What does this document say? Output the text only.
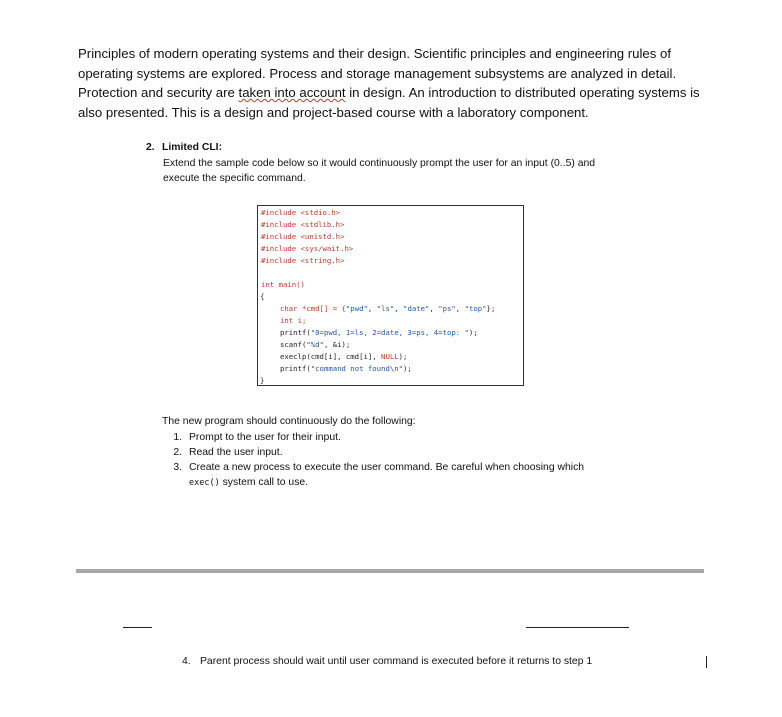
Principles of modern operating systems and their design. Scientific principles and engineering rules of operating systems are explored. Process and storage management subsystems are analyzed in detail. Protection and security are taken into account in design. An introduction to distributed operating systems is also presented. This is a design and project-based course with a laboratory component.

2. Limited CLI:
Extend the sample code below so it would continuously prompt the user for an input (0..5) and execute the specific command.
#include <stdio.h>
#include <stdlib.h>
#include <unistd.h>
#include <sys/wait.h>
#include <string.h>
int main()
{
char *cmd[] = {"pwd", "ls", "date", "ps", "top"};
int i;
printf("0=pwd, 1=ls, 2=date, 3=ps, 4=top: ");
scanf("%d", &i);
execlp(cmd[i], cmd[i], NULL);
printf("command not found\n");
}
The new program should continuously do the following:
1. Prompt to the user for their input.
2. Read the user input.
3. Create a new process to execute the user command. Be careful when choosing which
exec() system call to use.
4. Parent process should wait until user command is executed before it returns to step 1
